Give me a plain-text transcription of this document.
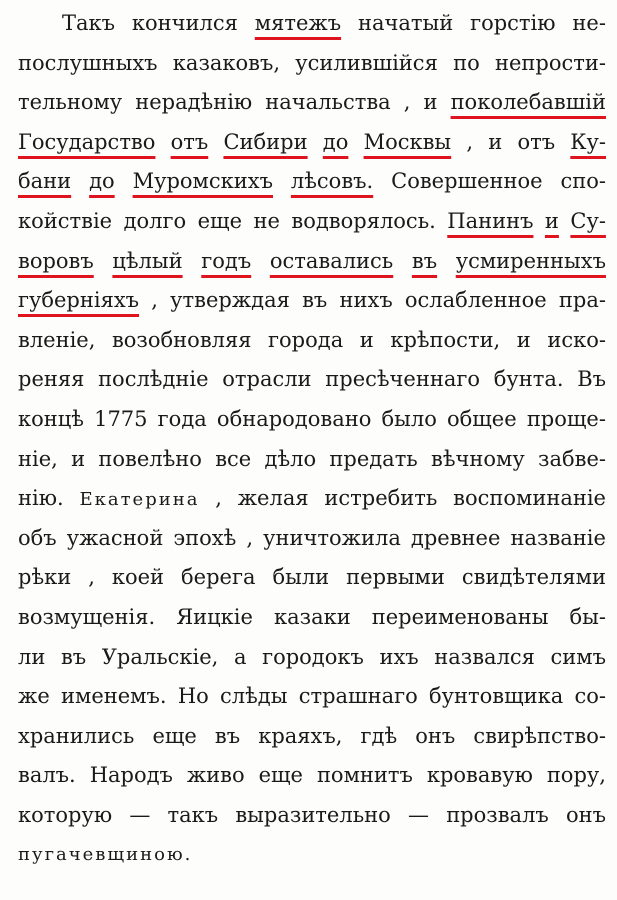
Такъ кончился мятежъ начатый горстію не-
послушныхъ казаковъ, усилившійся по непрости-
тельному нерадѣнію начальства , и поколебавшій
Государство отъ Сибири до Москвы , и отъ Ку-
бани до Муромскихъ лѣсовъ. Совершенное спо-
койствіе долго еще не водворялось. Панинъ и Су-
воровъ цѣлый годъ оставались въ усмиренныхъ
губерніяхъ , утверждая въ нихъ ослабленное пра-
вленіе, возобновляя города и крѣпости, и иско-
реняя послѣдніе отрасли пресѣченнаго бунта. Въ
концѣ 1775 года обнародовано было общее проще-
ніе, и повелѣно все дѣло предать вѣчному забве-
нію. Екатерина , желая истребить воспоминаніе
объ ужасной эпохѣ , уничтожила древнее названіе
рѣки , коей берега были первыми свидѣтелями
возмущенія. Яицкіе казаки переименованы бы-
ли въ Уральскіе, а городокъ ихъ назвался симъ
же именемъ. Но слѣды страшнаго бунтовщика со-
хранились еще въ краяхъ, гдѣ онъ свирѣпство-
валъ. Народъ живо еще помнитъ кровавую пору,
которую — такъ выразительно — прозвалъ онъ
пугачевщиною.
